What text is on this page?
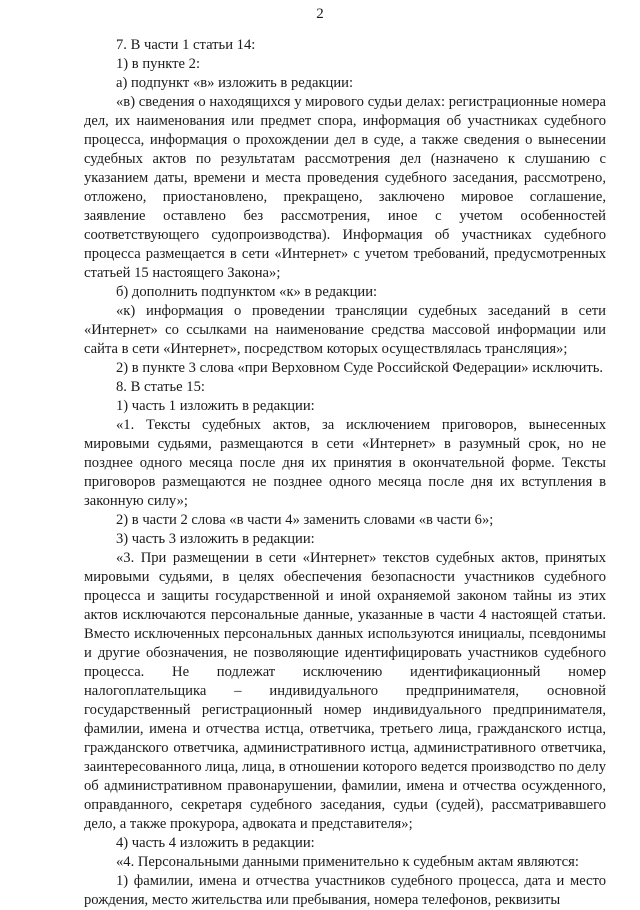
2

7. В части 1 статьи 14:

1) в пункте 2:

а) подпункт «в» изложить в редакции:

«в) сведения о находящихся у мирового судьи делах: регистрационные номера дел, их наименования или предмет спора, информация об участниках судебного процесса, информация о прохождении дел в суде, а также сведения о вынесении судебных актов по результатам рассмотрения дел (назначено к слушанию с указанием даты, времени и места проведения судебного заседания, рассмотрено, отложено, приостановлено, прекращено, заключено мировое соглашение, заявление оставлено без рассмотрения, иное с учетом особенностей соответствующего судопроизводства). Информация об участниках судебного процесса размещается в сети «Интернет» с учетом требований, предусмотренных статьей 15 настоящего Закона»;

б) дополнить подпунктом «к» в редакции:

«к) информация о проведении трансляции судебных заседаний в сети «Интернет» со ссылками на наименование средства массовой информации или сайта в сети «Интернет», посредством которых осуществлялась трансляция»;

2) в пункте 3 слова «при Верховном Суде Российской Федерации» исключить.

8. В статье 15:

1) часть 1 изложить в редакции:

«1. Тексты судебных актов, за исключением приговоров, вынесенных мировыми судьями, размещаются в сети «Интернет» в разумный срок, но не позднее одного месяца после дня их принятия в окончательной форме. Тексты приговоров размещаются не позднее одного месяца после дня их вступления в законную силу»;

2) в части 2 слова «в части 4» заменить словами «в части 6»;

3) часть 3 изложить в редакции:

«3. При размещении в сети «Интернет» текстов судебных актов, принятых мировыми судьями, в целях обеспечения безопасности участников судебного процесса и защиты государственной и иной охраняемой законом тайны из этих актов исключаются персональные данные, указанные в части 4 настоящей статьи. Вместо исключенных персональных данных используются инициалы, псевдонимы и другие обозначения, не позволяющие идентифицировать участников судебного процесса. Не подлежат исключению идентификационный номер налогоплательщика – индивидуального предпринимателя, основной государственный регистрационный номер индивидуального предпринимателя, фамилии, имена и отчества истца, ответчика, третьего лица, гражданского истца, гражданского ответчика, административного истца, административного ответчика, заинтересованного лица, лица, в отношении которого ведется производство по делу об административном правонарушении, фамилии, имена и отчества осужденного, оправданного, секретаря судебного заседания, судьи (судей), рассматривавшего дело, а также прокурора, адвоката и представителя»;

4) часть 4 изложить в редакции:

«4. Персональными данными применительно к судебным актам являются:

1) фамилии, имена и отчества участников судебного процесса, дата и место рождения, место жительства или пребывания, номера телефонов, реквизиты
